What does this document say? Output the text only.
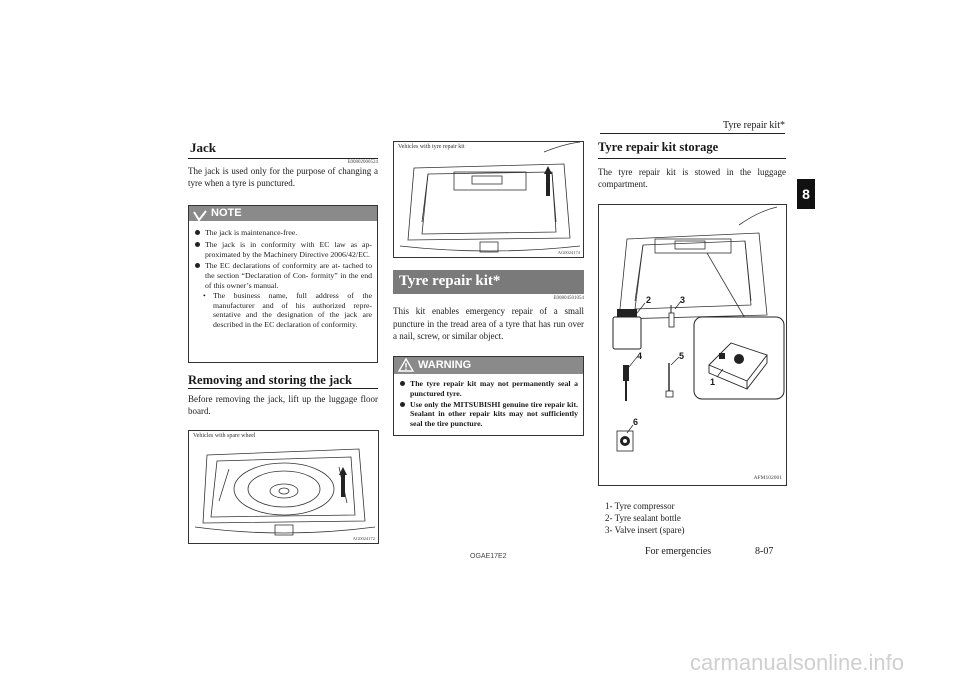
Tyre repair kit*
8
Jack
E00802000524
The jack is used only for the purpose of changing a tyre when a tyre is punctured.
NOTE
The jack is maintenance-free.
The jack is in conformity with EC law as ap- proximated by the Machinery Directive 2006/42/EC.
The EC declarations of conformity are at- tached to the section “Declaration of Con- formity” in the end of this owner’s manual.
• The business name, full address of the manufacturer and of his authorized repre- sentative and the designation of the jack are described in the EC declaration of conformity.
Removing and storing the jack
Before removing the jack, lift up the luggage floor board.
Vehicles with spare wheel
AG0024172
Vehicles with tyre repair kit
AG0024174
Tyre repair kit*
E00804501054
This kit enables emergency repair of a small puncture in the tread area of a tyre that has run over a nail, screw, or similar object.
WARNING
The tyre repair kit may not permanently seal a punctured tyre.
Use only the MITSUBISHI genuine tire repair kit. Sealant in other repair kits may not sufficiently seal the tire puncture.
Tyre repair kit storage
The tyre repair kit is stowed in the luggage compartment.
2	3
4	5
6
1
AFM102001
1- Tyre compressor
2- Tyre sealant bottle
3- Valve insert (spare)
OGAE17E2	For emergencies	8-07
carmanualsonline.info
